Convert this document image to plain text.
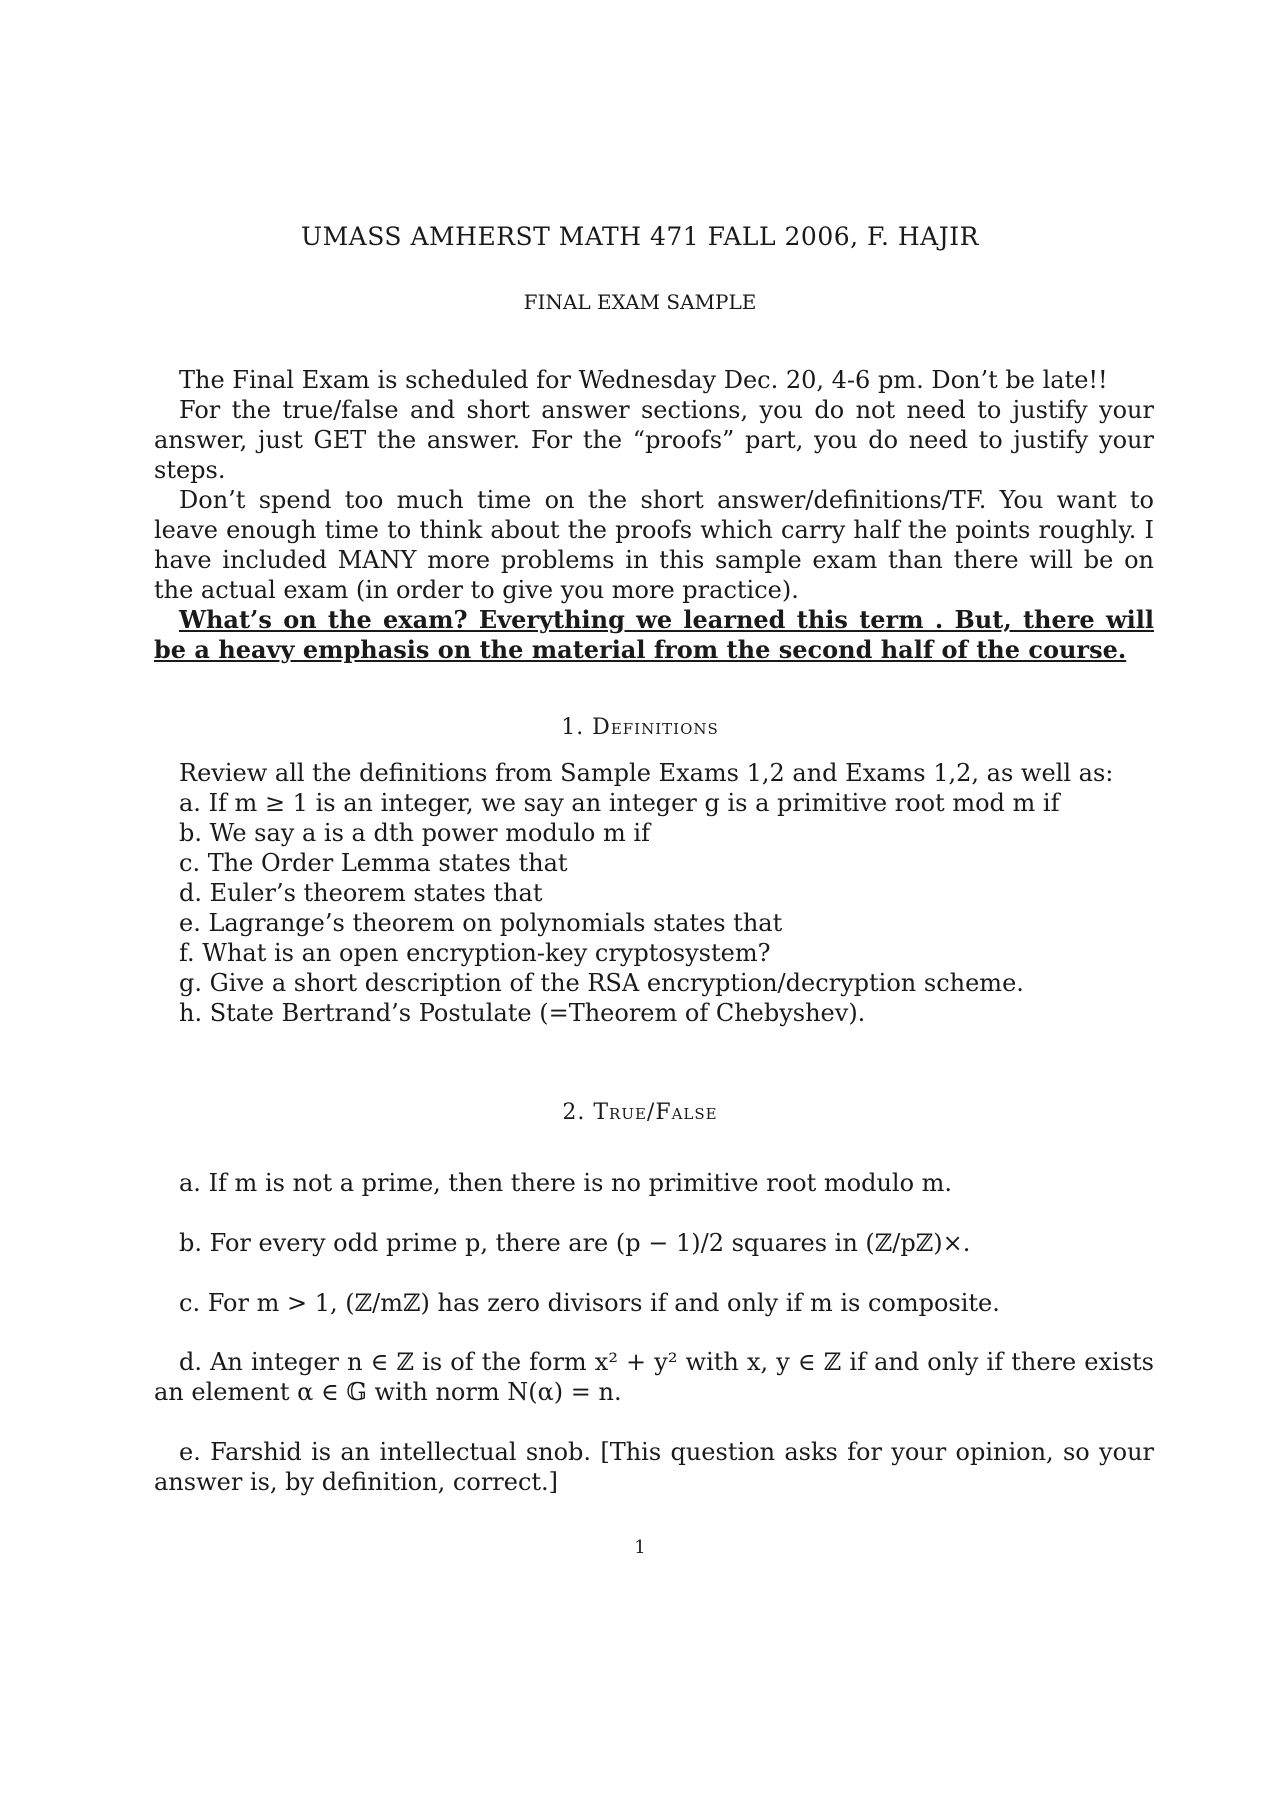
UMASS AMHERST MATH 471 FALL 2006, F. HAJIR
FINAL EXAM SAMPLE

The Final Exam is scheduled for Wednesday Dec. 20, 4-6 pm. Don’t be late!!

For the true/false and short answer sections, you do not need to justify your answer, just GET the answer. For the “proofs” part, you do need to justify your steps.

Don’t spend too much time on the short answer/definitions/TF. You want to leave enough time to think about the proofs which carry half the points roughly. I have included MANY more problems in this sample exam than there will be on the actual exam (in order to give you more practice).

What’s on the exam? Everything we learned this term . But, there will be a heavy emphasis on the material from the second half of the course.

1. Definitions
Review all the definitions from Sample Exams 1,2 and Exams 1,2, as well as:
a. If m ≥ 1 is an integer, we say an integer g is a primitive root mod m if
b. We say a is a dth power modulo m if
c. The Order Lemma states that
d. Euler’s theorem states that
e. Lagrange’s theorem on polynomials states that
f. What is an open encryption-key cryptosystem?
g. Give a short description of the RSA encryption/decryption scheme.
h. State Bertrand’s Postulate (=Theorem of Chebyshev).
2. True/False

a. If m is not a prime, then there is no primitive root modulo m.

b. For every odd prime p, there are (p − 1)/2 squares in (ℤ/pℤ)×.

c. For m > 1, (ℤ/mℤ) has zero divisors if and only if m is composite.

d. An integer n ∈ ℤ is of the form x² + y² with x, y ∈ ℤ if and only if there exists an element α ∈ 𝔾 with norm N(α) = n.

e. Farshid is an intellectual snob. [This question asks for your opinion, so your answer is, by definition, correct.]

1
